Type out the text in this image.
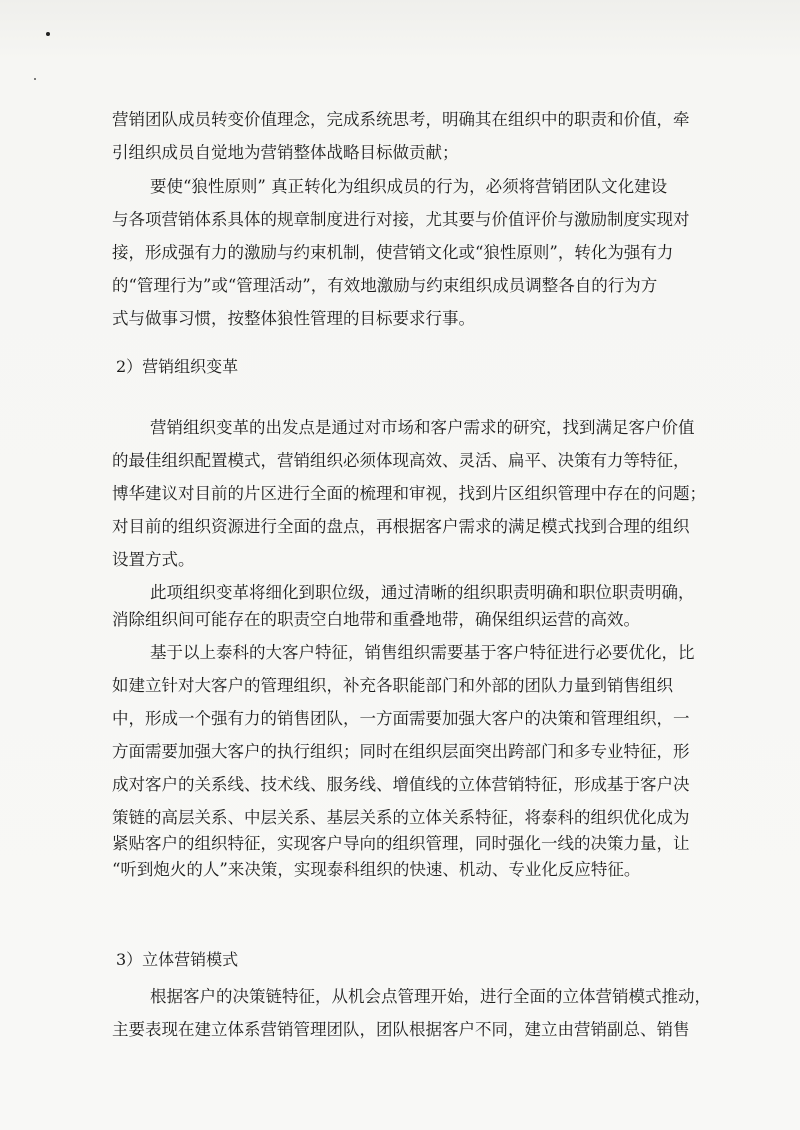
营销团队成员转变价值理念，完成系统思考，明确其在组织中的职责和价值，牵
引组织成员自觉地为营销整体战略目标做贡献；
要使“狼性原则” 真正转化为组织成员的行为，必须将营销团队文化建设
与各项营销体系具体的规章制度进行对接，尤其要与价值评价与激励制度实现对
接，形成强有力的激励与约束机制，使营销文化或“狼性原则”，转化为强有力
的“管理行为”或“管理活动”，有效地激励与约束组织成员调整各自的行为方
式与做事习惯，按整体狼性管理的目标要求行事。
2）营销组织变革
营销组织变革的出发点是通过对市场和客户需求的研究，找到满足客户价值
的最佳组织配置模式，营销组织必须体现高效、灵活、扁平、决策有力等特征，
博华建议对目前的片区进行全面的梳理和审视，找到片区组织管理中存在的问题；
对目前的组织资源进行全面的盘点，再根据客户需求的满足模式找到合理的组织
设置方式。
此项组织变革将细化到职位级，通过清晰的组织职责明确和职位职责明确，
消除组织间可能存在的职责空白地带和重叠地带，确保组织运营的高效。
基于以上泰科的大客户特征，销售组织需要基于客户特征进行必要优化，比
如建立针对大客户的管理组织，补充各职能部门和外部的团队力量到销售组织
中，形成一个强有力的销售团队，一方面需要加强大客户的决策和管理组织，一
方面需要加强大客户的执行组织；同时在组织层面突出跨部门和多专业特征，形
成对客户的关系线、技术线、服务线、增值线的立体营销特征，形成基于客户决
策链的高层关系、中层关系、基层关系的立体关系特征，将泰科的组织优化成为
紧贴客户的组织特征，实现客户导向的组织管理，同时强化一线的决策力量，让
“听到炮火的人”来决策，实现泰科组织的快速、机动、专业化反应特征。
3）立体营销模式
根据客户的决策链特征，从机会点管理开始，进行全面的立体营销模式推动，
主要表现在建立体系营销管理团队，团队根据客户不同，建立由营销副总、销售
